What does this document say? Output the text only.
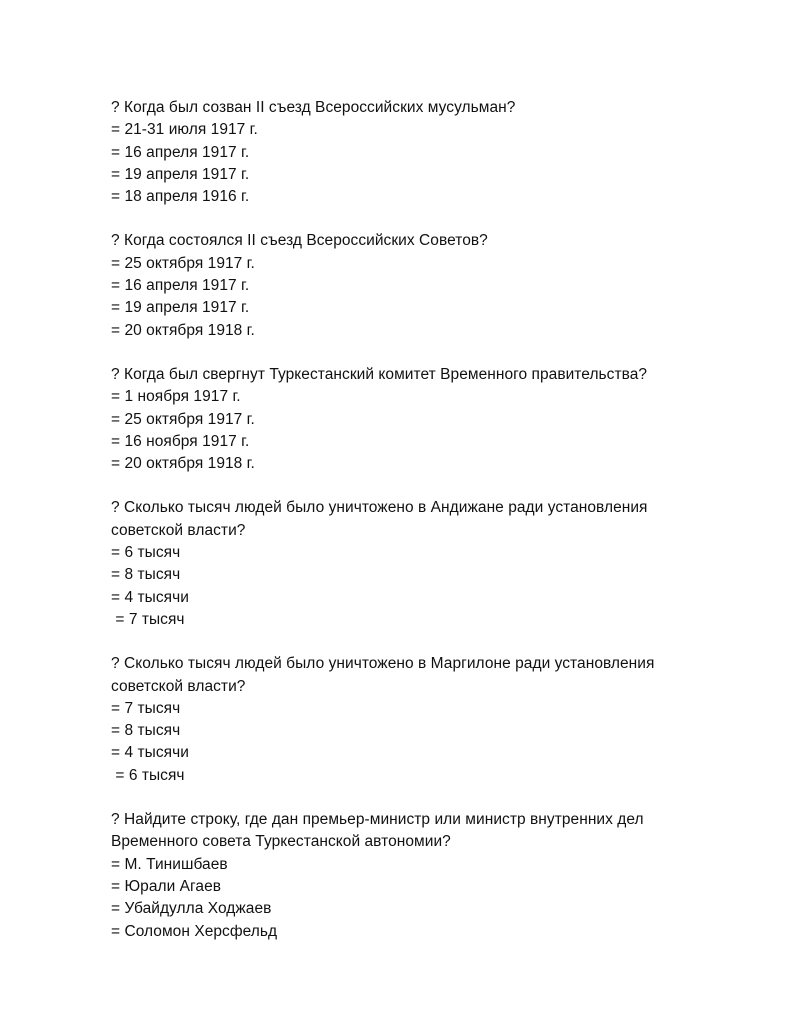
? Когда был созван II съезд Всероссийских мусульман?
= 21-31 июля 1917 г.
= 16 апреля 1917 г.
= 19 апреля 1917 г.
= 18 апреля 1916 г.
? Когда состоялся II съезд Всероссийских Советов?
= 25 октября 1917 г.
= 16 апреля 1917 г.
= 19 апреля 1917 г.
= 20 октября 1918 г.
? Когда был свергнут Туркестанский комитет Временного правительства?
= 1 ноября 1917 г.
= 25 октября 1917 г.
= 16 ноября 1917 г.
= 20 октября 1918 г.
? Сколько тысяч людей было уничтожено в Андижане ради установления
советской власти?
= 6 тысяч
= 8 тысяч
= 4 тысячи
= 7 тысяч
? Сколько тысяч людей было уничтожено в Маргилоне ради установления
советской власти?
= 7 тысяч
= 8 тысяч
= 4 тысячи
= 6 тысяч
? Найдите строку, где дан премьер-министр или министр внутренних дел
Временного совета Туркестанской автономии?
= М. Тинишбаев
= Юрали Агаев
= Убайдулла Ходжаев
= Соломон Херсфельд
